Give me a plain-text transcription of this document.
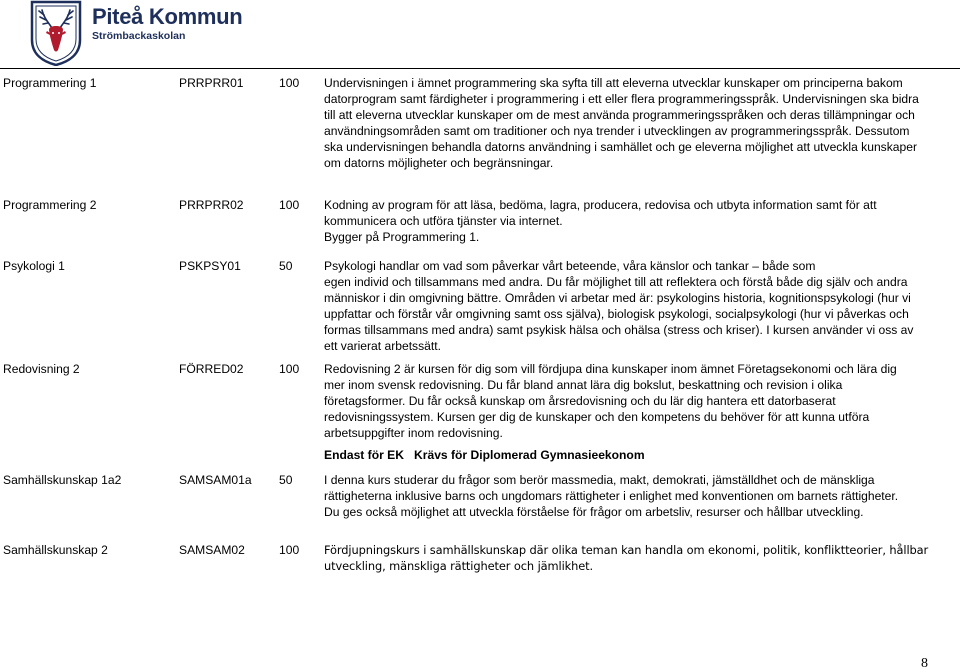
Piteå Kommun
Strömbackaskolan
Programmering 1	PRRPRR01	100 Undervisningen i ämnet programmering ska syfta till att eleverna utvecklar kunskaper om principerna bakom
datorprogram samt färdigheter i programmering i ett eller flera programmeringsspråk. Undervisningen ska bidra
till att eleverna utvecklar kunskaper om de mest använda programmeringsspråken och deras tillämpningar och
användningsområden samt om traditioner och nya trender i utvecklingen av programmeringsspråk. Dessutom
ska undervisningen behandla datorns användning i samhället och ge eleverna möjlighet att utveckla kunskaper
om datorns möjligheter och begränsningar.
Programmering 2	PRRPRR02	100 Kodning av program för att läsa, bedöma, lagra, producera, redovisa och utbyta information samt för att
kommunicera och utföra tjänster via internet.
Bygger på Programmering 1.
Psykologi 1	PSKPSY01	50	Psykologi handlar om vad som påverkar vårt beteende, våra känslor och tankar – både som
egen individ och tillsammans med andra. Du får möjlighet till att reflektera och förstå både dig själv och andra
människor i din omgivning bättre. Områden vi arbetar med är: psykologins historia, kognitionspsykologi (hur vi
uppfattar och förstår vår omgivning samt oss själva), biologisk psykologi, socialpsykologi (hur vi påverkas och
formas tillsammans med andra) samt psykisk hälsa och ohälsa (stress och kriser). I kursen använder vi oss av
ett varierat arbetssätt.
Redovisning 2	FÖRRED02	100 Redovisning 2 är kursen för dig som vill fördjupa dina kunskaper inom ämnet Företagsekonomi och lära dig
mer inom svensk redovisning. Du får bland annat lära dig bokslut, beskattning och revision i olika
företagsformer. Du får också kunskap om årsredovisning och du lär dig hantera ett datorbaserat
redovisningssystem. Kursen ger dig de kunskaper och den kompetens du behöver för att kunna utföra
arbetsuppgifter inom redovisning.
Endast för EK   Krävs för Diplomerad Gymnasieekonom
Samhällskunskap 1a2	SAMSAM01a 50	I denna kurs studerar du frågor som berör massmedia, makt, demokrati, jämställdhet och de mänskliga
rättigheterna inklusive barns och ungdomars rättigheter i enlighet med konventionen om barnets rättigheter.
Du ges också möjlighet att utveckla förståelse för frågor om arbetsliv, resurser och hållbar utveckling.
Samhällskunskap 2	SAMSAM02	100 Fördjupningskurs i samhällskunskap där olika teman kan handla om ekonomi, politik, konfliktteorier, hållbar
utveckling, mänskliga rättigheter och jämlikhet.
8
